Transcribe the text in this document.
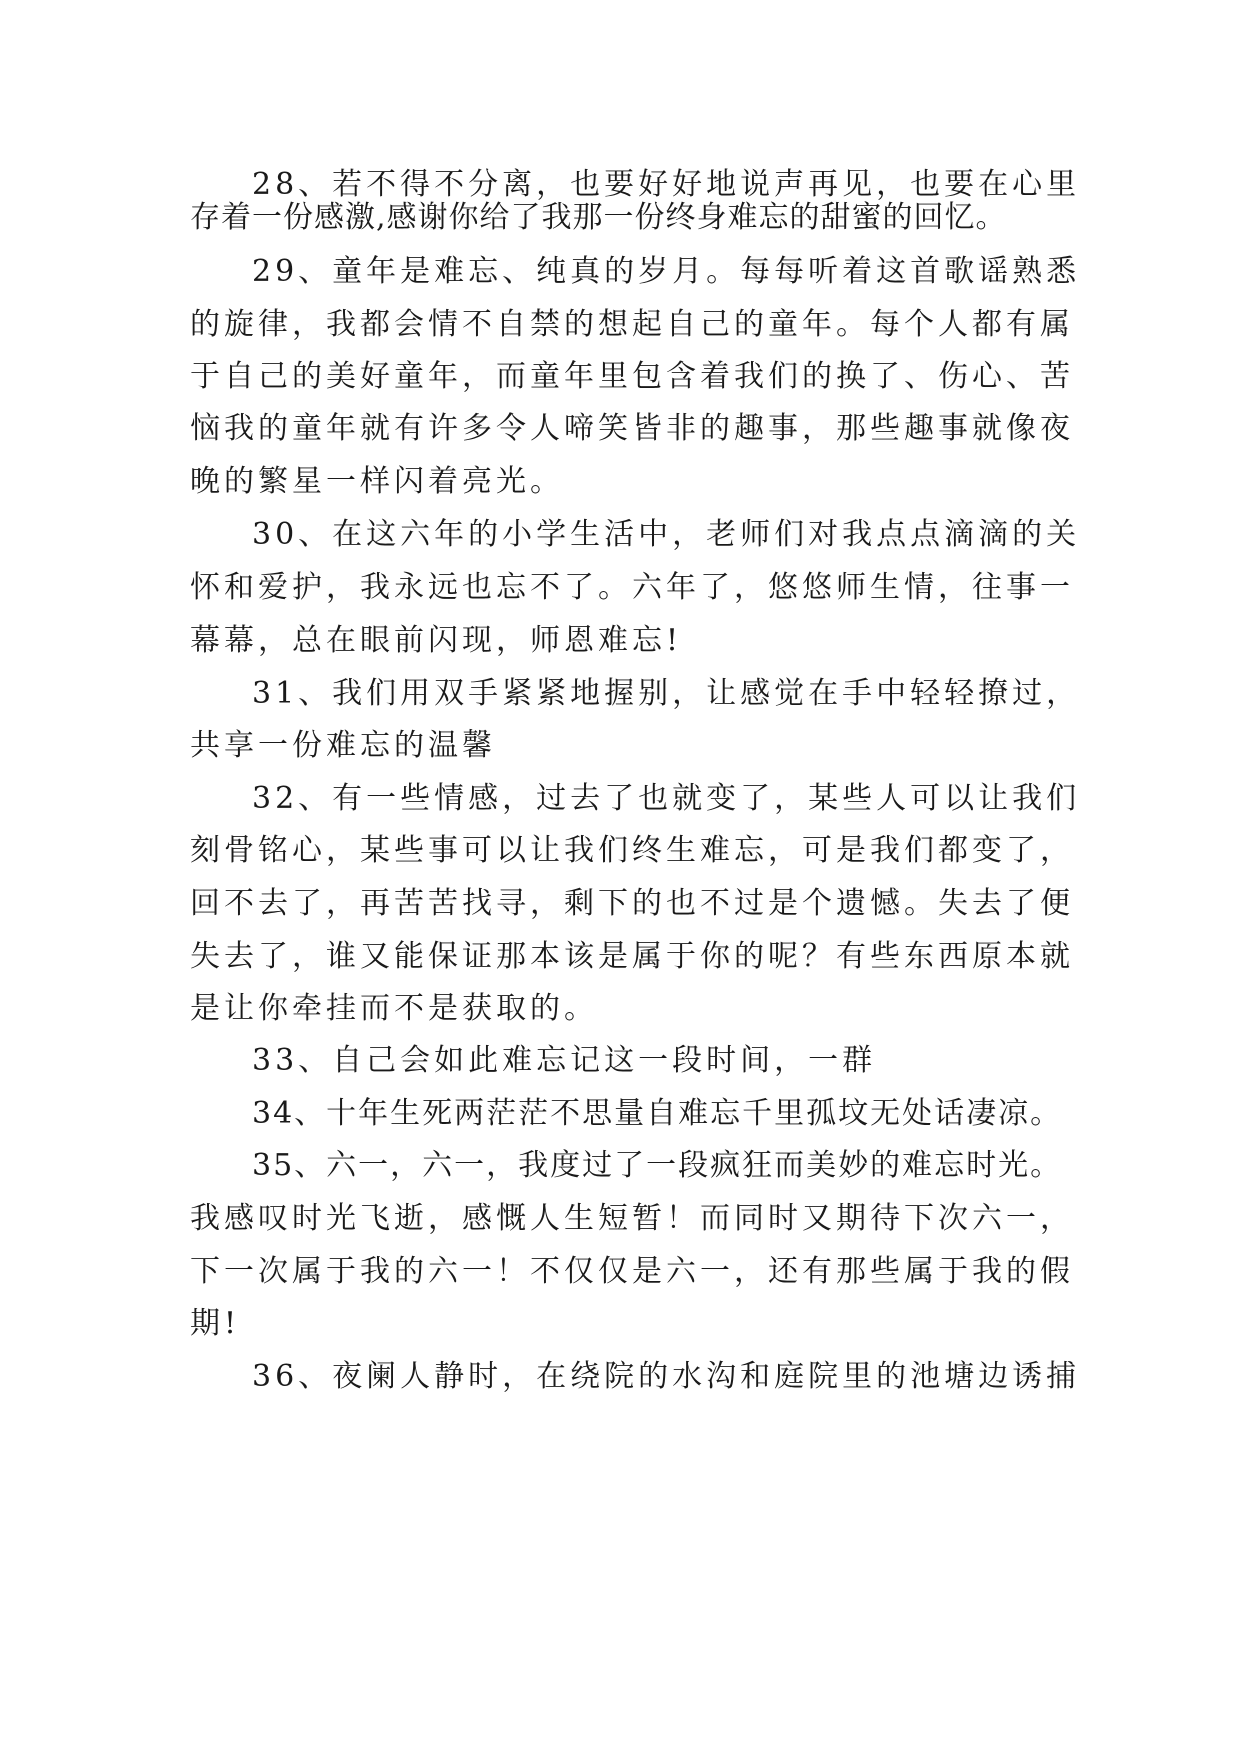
28、若不得不分离，也要好好地说声再见，也要在心里
存着一份感激,感谢你给了我那一份终身难忘的甜蜜的回忆。
29、童年是难忘、纯真的岁月。每每听着这首歌谣熟悉
的旋律，我都会情不自禁的想起自己的童年。每个人都有属
于自己的美好童年，而童年里包含着我们的换了、伤心、苦
恼我的童年就有许多令人啼笑皆非的趣事，那些趣事就像夜
晚的繁星一样闪着亮光。
30、在这六年的小学生活中，老师们对我点点滴滴的关
怀和爱护，我永远也忘不了。六年了，悠悠师生情，往事一
幕幕，总在眼前闪现，师恩难忘!
31、我们用双手紧紧地握别，让感觉在手中轻轻撩过，
共享一份难忘的温馨
32、有一些情感，过去了也就变了，某些人可以让我们
刻骨铭心，某些事可以让我们终生难忘，可是我们都变了，
回不去了，再苦苦找寻，剩下的也不过是个遗憾。失去了便
失去了，谁又能保证那本该是属于你的呢？有些东西原本就
是让你牵挂而不是获取的。
33、自己会如此难忘记这一段时间，一群
34、十年生死两茫茫不思量自难忘千里孤坟无处话凄凉。
35、六一，六一，我度过了一段疯狂而美妙的难忘时光。
我感叹时光飞逝，感慨人生短暂！而同时又期待下次六一，
下一次属于我的六一！不仅仅是六一，还有那些属于我的假
期!
36、夜阑人静时，在绕院的水沟和庭院里的池塘边诱捕
